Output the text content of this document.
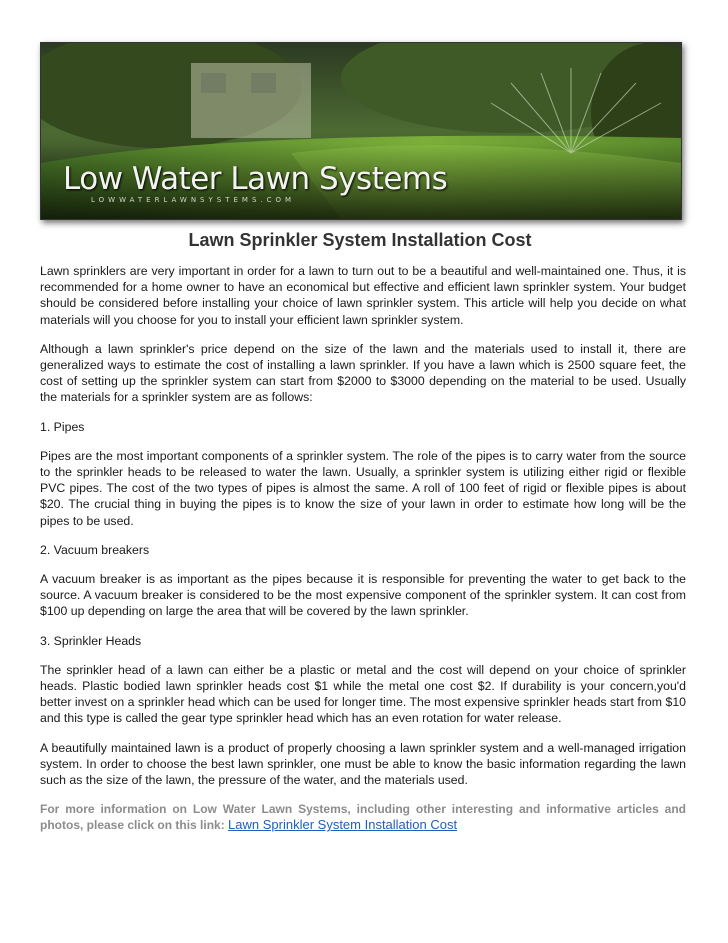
Low Water Lawn Systems
LOWWATERLAWNSYSTEMS.COM
Lawn Sprinkler System Installation Cost

Lawn sprinklers are very important in order for a lawn to turn out to be a beautiful and well-maintained one. Thus, it is recommended for a home owner to have an economical but effective and efficient lawn sprinkler system. Your budget should be considered before installing your choice of lawn sprinkler system. This article will help you decide on what materials will you choose for you to install your efficient lawn sprinkler system.

Although a lawn sprinkler's price depend on the size of the lawn and the materials used to install it, there are generalized ways to estimate the cost of installing a lawn sprinkler. If you have a lawn which is 2500 square feet, the cost of setting up the sprinkler system can start from $2000 to $3000 depending on the material to be used. Usually the materials for a sprinkler system are as follows:

1. Pipes

Pipes are the most important components of a sprinkler system. The role of the pipes is to carry water from the source to the sprinkler heads to be released to water the lawn. Usually, a sprinkler system is utilizing either rigid or flexible PVC pipes. The cost of the two types of pipes is almost the same. A roll of 100 feet of rigid or flexible pipes is about $20. The crucial thing in buying the pipes is to know the size of your lawn in order to estimate how long will be the pipes to be used.

2. Vacuum breakers

A vacuum breaker is as important as the pipes because it is responsible for preventing the water to get back to the source. A vacuum breaker is considered to be the most expensive component of the sprinkler system. It can cost from $100 up depending on large the area that will be covered by the lawn sprinkler.

3. Sprinkler Heads

The sprinkler head of a lawn can either be a plastic or metal and the cost will depend on your choice of sprinkler heads. Plastic bodied lawn sprinkler heads cost $1 while the metal one cost $2. If durability is your concern,you'd better invest on a sprinkler head which can be used for longer time. The most expensive sprinkler heads start from $10 and this type is called the gear type sprinkler head which has an even rotation for water release.

A beautifully maintained lawn is a product of properly choosing a lawn sprinkler system and a well-managed irrigation system. In order to choose the best lawn sprinkler, one must be able to know the basic information regarding the lawn such as the size of the lawn, the pressure of the water, and the materials used.

For more information on Low Water Lawn Systems, including other interesting and informative articles and photos, please click on this link: Lawn Sprinkler System Installation Cost
